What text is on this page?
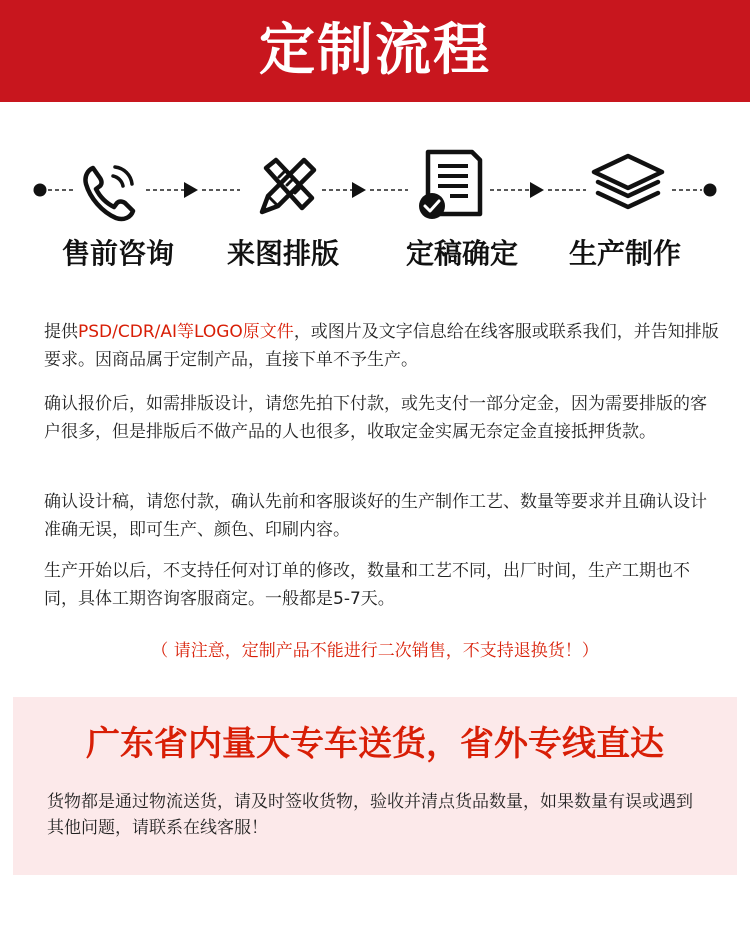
定制流程
售前咨询	来图排版	定稿确定	生产制作

提供PSD/CDR/AI等LOGO原文件，或图片及文字信息给在线客服或联系我们，并告知排版要求。因商品属于定制产品，直接下单不予生产。

确认报价后，如需排版设计，请您先拍下付款，或先支付一部分定金，因为需要排版的客户很多，但是排版后不做产品的人也很多，收取定金实属无奈定金直接抵押货款。

确认设计稿，请您付款，确认先前和客服谈好的生产制作工艺、数量等要求并且确认设计准确无误，即可生产、颜色、印刷内容。

生产开始以后，不支持任何对订单的修改，数量和工艺不同，出厂时间，生产工期也不同，具体工期咨询客服商定。一般都是5-7天。

（ 请注意，定制产品不能进行二次销售，不支持退换货！）

广东省内量大专车送货，省外专线直达

货物都是通过物流送货，请及时签收货物，验收并清点货品数量，如果数量有误或遇到其他问题，请联系在线客服！
